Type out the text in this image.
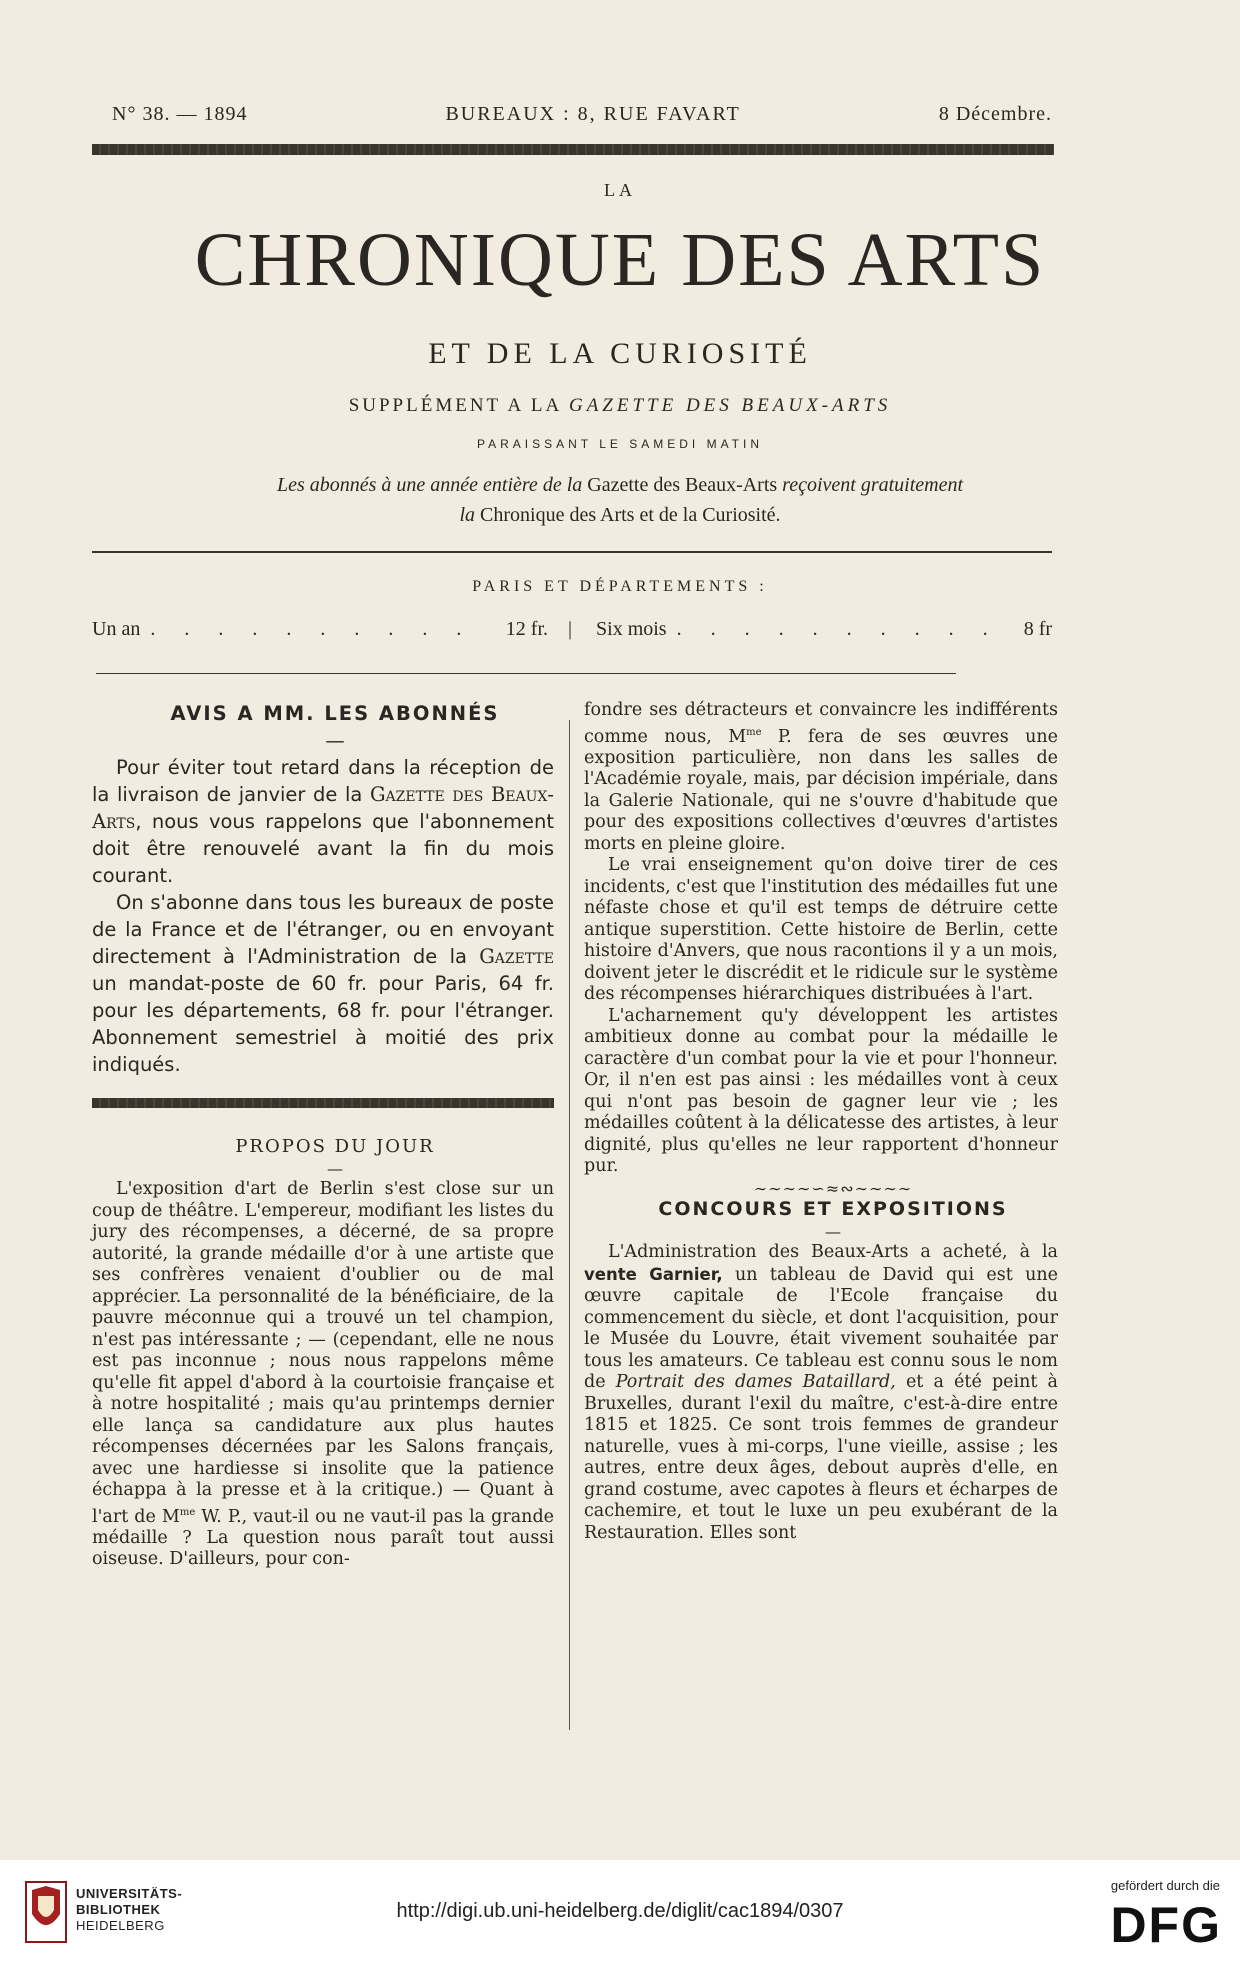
N° 38. — 1894	BUREAUX : 8, RUE FAVART	8 Décembre.
LA
CHRONIQUE DES ARTS
ET DE LA CURIOSITÉ
SUPPLÉMENT A LA GAZETTE DES BEAUX-ARTS
PARAISSANT LE SAMEDI MATIN
Les abonnés à une année entière de la Gazette des Beaux-Arts reçoivent gratuitement
la Chronique des Arts et de la Curiosité.
PARIS ET DÉPARTEMENTS :
Un an . . . . . . . . . .	12 fr.	|	Six mois . . . . . . . . . .	8 fr

AVIS A MM. LES ABONNÉS

—

Pour éviter tout retard dans la réception de la livraison de janvier de la Gazette des Beaux-Arts, nous vous rappelons que l'abonnement doit être renouvelé avant la fin du mois courant.

On s'abonne dans tous les bureaux de poste de la France et de l'étranger, ou en envoyant directement à l'Administration de la Gazette un mandat-poste de 60 fr. pour Paris, 64 fr. pour les départements, 68 fr. pour l'étranger. Abonnement semestriel à moitié des prix indiqués.

PROPOS DU JOUR

—

L'exposition d'art de Berlin s'est close sur un coup de théâtre. L'empereur, modifiant les listes du jury des récompenses, a décerné, de sa propre autorité, la grande médaille d'or à une artiste que ses confrères venaient d'oublier ou de mal apprécier. La personnalité de la bénéficiaire, de la pauvre méconnue qui a trouvé un tel champion, n'est pas intéressante ; — (cependant, elle ne nous est pas inconnue ; nous nous rappelons même qu'elle fit appel d'abord à la courtoisie française et à notre hospitalité ; mais qu'au printemps dernier elle lança sa candidature aux plus hautes récompenses décernées par les Salons français, avec une hardiesse si insolite que la patience échappa à la presse et à la critique.) — Quant à l'art de $M^{me}$ W. P., vaut-il ou ne vaut-il pas la grande médaille ? La question nous paraît tout aussi oiseuse. D'ailleurs, pour con-

fondre ses détracteurs et convaincre les indifférents comme nous, $M^{me}$ P. fera de ses œuvres une exposition particulière, non dans les salles de l'Académie royale, mais, par décision impériale, dans la Galerie Nationale, qui ne s'ouvre d'habitude que pour des expositions collectives d'œuvres d'artistes morts en pleine gloire.

Le vrai enseignement qu'on doive tirer de ces incidents, c'est que l'institution des médailles fut une néfaste chose et qu'il est temps de détruire cette antique superstition. Cette histoire de Berlin, cette histoire d'Anvers, que nous racontions il y a un mois, doivent jeter le discrédit et le ridicule sur le système des récompenses hiérarchiques distribuées à l'art.

L'acharnement qu'y développent les artistes ambitieux donne au combat pour la médaille le caractère d'un combat pour la vie et pour l'honneur. Or, il n'en est pas ainsi : les médailles vont à ceux qui n'ont pas besoin de gagner leur vie ; les médailles coûtent à la délicatesse des artistes, à leur dignité, plus qu'elles ne leur rapportent d'honneur pur.

∼∼∼∼∽≈∾∼∼∼∼

CONCOURS ET EXPOSITIONS

—

L'Administration des Beaux-Arts a acheté, à la vente Garnier, un tableau de David qui est une œuvre capitale de l'Ecole française du commencement du siècle, et dont l'acquisition, pour le Musée du Louvre, était vivement souhaitée par tous les amateurs. Ce tableau est connu sous le nom de Portrait des dames Bataillard, et a été peint à Bruxelles, durant l'exil du maître, c'est-à-dire entre 1815 et 1825. Ce sont trois femmes de grandeur naturelle, vues à mi-corps, l'une vieille, assise ; les autres, entre deux âges, debout auprès d'elle, en grand costume, avec capotes à fleurs et écharpes de cachemire, et tout le luxe un peu exubérant de la Restauration. Elles sont

UNIVERSITÄTS-
BIBLIOTHEK
HEIDELBERG
http://digi.ub.uni-heidelberg.de/diglit/cac1894/0307
gefördert durch die
DFG
